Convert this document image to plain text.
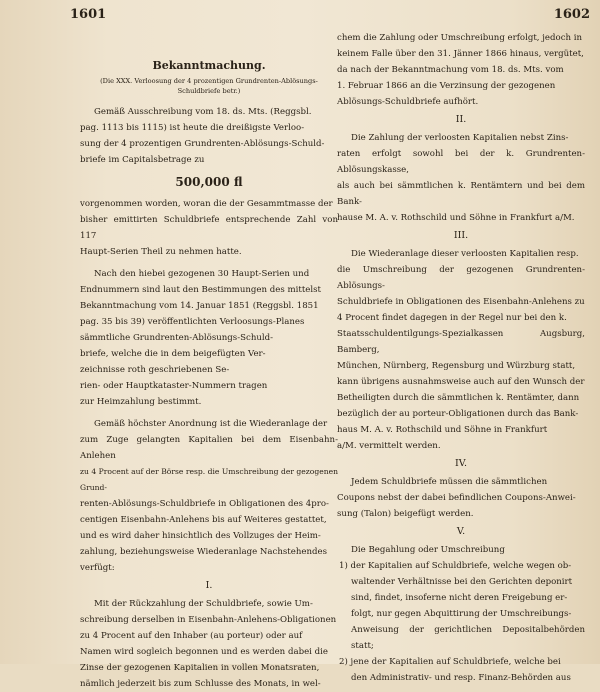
1601	1602
Bekanntmachung.
(Die XXX. Verloosung der 4 prozentigen Grundrenten-Ablösungs-Schuldbriefe betr.)

Gemäß Ausschreibung vom 18. ds. Mts. (Reggsbl.

pag. 1113 bis 1115) ist heute die dreißigste Verloo-

sung der 4 prozentigen Grundrenten-Ablösungs-Schuld-

briefe im Capitalsbetrage zu

500,000 fl

vorgenommen worden, woran die der Gesammtmasse der

bisher emittirten Schuldbriefe entsprechende Zahl von 117

Haupt-Serien Theil zu nehmen hatte.

Nach den hiebei gezogenen 30 Haupt-Serien und

Endnummern sind laut den Bestimmungen des mittelst

Bekanntmachung vom 14. Januar 1851 (Reggsbl. 1851

pag. 35 bis 39) veröffentlichten Verloosungs-Planes

sämmtliche Grundrenten-Ablösungs-Schuld-

briefe, welche die in dem beigefügten Ver-

zeichnisse roth geschriebenen Se-

rien- oder Hauptkataster-Nummern tragen

zur Heimzahlung bestimmt.

Gemäß höchster Anordnung ist die Wiederanlage der

zum Zuge gelangten Kapitalien bei dem Eisenbahn-Anlehen

zu 4 Procent auf der Börse resp. die Umschreibung der gezogenen Grund-

renten-Ablösungs-Schuldbriefe in Obligationen des 4pro-

centigen Eisenbahn-Anlehens bis auf Weiteres gestattet,

und es wird daher hinsichtlich des Vollzuges der Heim-

zahlung, beziehungsweise Wiederanlage Nachstehendes

verfügt:

I.

Mit der Rückzahlung der Schuldbriefe, sowie Um-

schreibung derselben in Eisenbahn-Anlehens-Obligationen

zu 4 Procent auf den Inhaber (au porteur) oder auf

Namen wird sogleich begonnen und es werden dabei die

Zinse der gezogenen Kapitalien in vollen Monatsraten,

nämlich jederzeit bis zum Schlusse des Monats, in wel-

chem die Zahlung oder Umschreibung erfolgt, jedoch in

keinem Falle über den 31. Jänner 1866 hinaus, vergütet,

da nach der Bekanntmachung vom 18. ds. Mts. vom

1. Februar 1866 an die Verzinsung der gezogenen

Ablösungs-Schuldbriefe aufhört.

II.

Die Zahlung der verloosten Kapitalien nebst Zins-

raten erfolgt sowohl bei der k. Grundrenten-Ablösungskasse,

als auch bei sämmtlichen k. Rentämtern und bei dem Bank-

hause M. A. v. Rothschild und Söhne in Frankfurt a/M.

III.

Die Wiederanlage dieser verloosten Kapitalien resp.

die Umschreibung der gezogenen Grundrenten-Ablösungs-

Schuldbriefe in Obligationen des Eisenbahn-Anlehens zu

4 Procent findet dagegen in der Regel nur bei den k.

Staatsschuldentilgungs-Spezialkassen Augsburg, Bamberg,

München, Nürnberg, Regensburg und Würzburg statt,

kann übrigens ausnahmsweise auch auf den Wunsch der

Betheiligten durch die sämmtlichen k. Rentämter, dann

bezüglich der au porteur-Obligationen durch das Bank-

haus M. A. v. Rothschild und Söhne in Frankfurt

a/M. vermittelt werden.

IV.

Jedem Schuldbriefe müssen die sämmtlichen

Coupons nebst der dabei befindlichen Coupons-Anwei-

sung (Talon) beigefügt werden.

V.

Die Begahlung oder Umschreibung

1) der Kapitalien auf Schuldbriefe, welche wegen ob-

waltender Verhältnisse bei den Gerichten deponirt

sind, findet, insoferne nicht deren Freigebung er-

folgt, nur gegen Abquittirung der Umschreibungs-

Anweisung der gerichtlichen Depositalbehörden statt;

2) jene der Kapitalien auf Schuldbriefe, welche bei

den Administrativ- und resp. Finanz-Behörden aus
